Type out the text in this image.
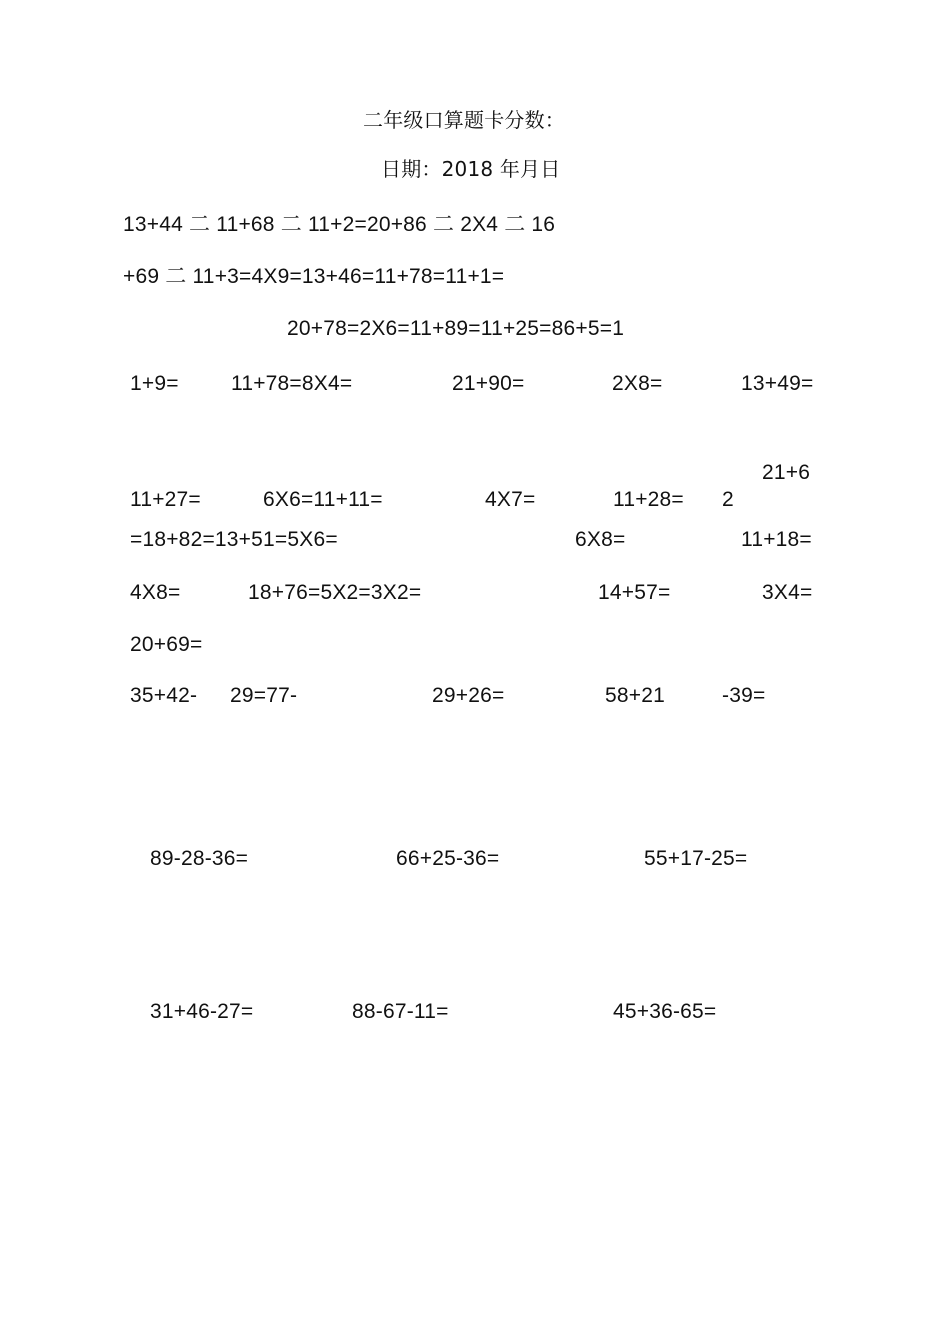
二年级口算题卡分数：
日期：2018 年月日
13+44 二 11+68 二 11+2=20+86 二 2X4 二 16
+69 二 11+3=4X9=13+46=11+78=11+1=
20+78=2X6=11+89=11+25=86+5=1
1+9= 11+78=8X4=	21+90=	2X8=	13+49=
21+6
11+27=	6X6=11+11=	4X7=	11+28= 2
=18+82=13+51=5X6=	6X8=	11+18=
4X8=	18+76=5X2=3X2=	14+57=	3X4=
20+69=
35+42- 29=77-	29+26=	58+21	-39=
89-28-36=	66+25-36=	55+17-25=
31+46-27=	88-67-11=	45+36-65=
